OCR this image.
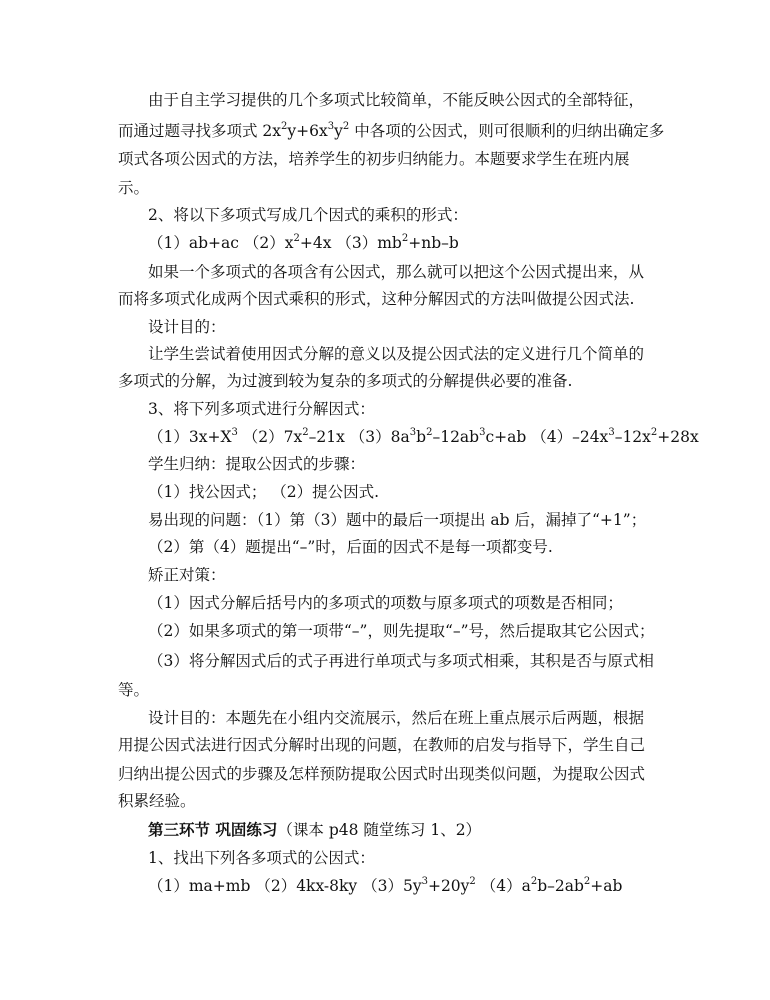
由于自主学习提供的几个多项式比较简单，不能反映公因式的全部特征，
而通过题寻找多项式 $2x^2y+6x^3y^2$ 中各项的公因式，则可很顺利的归纳出确定多
项式各项公因式的方法，培养学生的初步归纳能力。本题要求学生在班内展
示。
2、将以下多项式写成几个因式的乘积的形式：
（1）ab+ac $(2)x^2+4x$ $(3)mb^2+nb-b$
如果一个多项式的各项含有公因式，那么就可以把这个公因式提出来，从
而将多项式化成两个因式乘积的形式，这种分解因式的方法叫做提公因式法.
设计目的：
让学生尝试着使用因式分解的意义以及提公因式法的定义进行几个简单的
多项式的分解，为过渡到较为复杂的多项式的分解提供必要的准备.
3、将下列多项式进行分解因式：
$(1)3x+X^3$ $(2)7x^2-21x$ $(3)8a^3b^2-12ab^3c+ab$ $(4)-24x^3-12x^2+28x$
学生归纳：提取公因式的步骤：
（1）找公因式； （2）提公因式.
易出现的问题：（1）第（3）题中的最后一项提出 ab 后，漏掉了“+1”；
（2）第（4）题提出“–”时，后面的因式不是每一项都变号.
矫正对策：
（1）因式分解后括号内的多项式的项数与原多项式的项数是否相同；
（2）如果多项式的第一项带“–”，则先提取“–”号，然后提取其它公因式；
（3）将分解因式后的式子再进行单项式与多项式相乘，其积是否与原式相
等。
设计目的：本题先在小组内交流展示，然后在班上重点展示后两题，根据
用提公因式法进行因式分解时出现的问题，在教师的启发与指导下，学生自己
归纳出提公因式的步骤及怎样预防提取公因式时出现类似问题，为提取公因式
积累经验。
第三环节 巩固练习（课本 p48 随堂练习 1、2）
1、找出下列各多项式的公因式：
（1）ma+mb （2）4kx-8ky $(3)5y^3+20y^2$ $(4)a^2b-2ab^2+ab$
